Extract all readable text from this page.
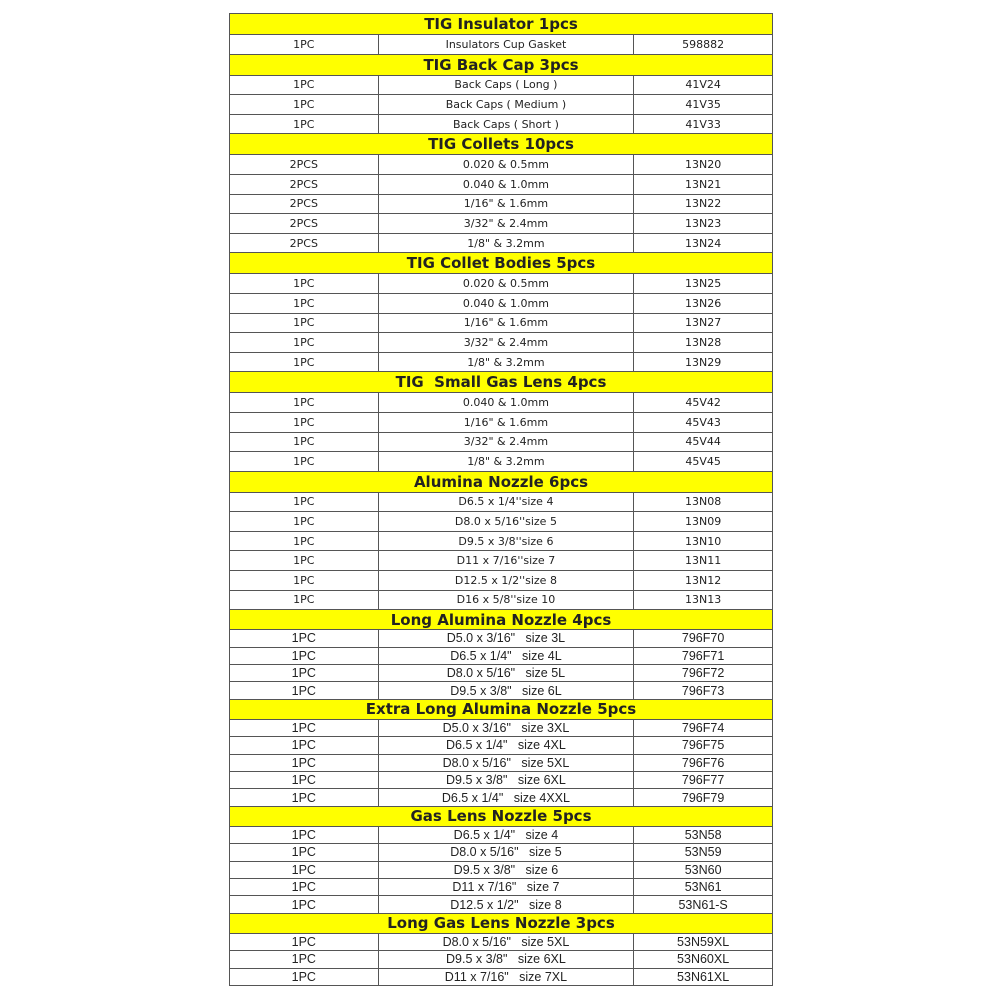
TIG Insulator 1pcs		
1PC	Insulators Cup Gasket	598882
TIG Back Cap 3pcs		
1PC	Back Caps ( Long )	41V24
1PC	Back Caps ( Medium )	41V35
1PC	Back Caps ( Short )	41V33
TIG Collets 10pcs		
2PCS	0.020 & 0.5mm	13N20
2PCS	0.040 & 1.0mm	13N21
2PCS	1/16" & 1.6mm	13N22
2PCS	3/32" & 2.4mm	13N23
2PCS	1/8" & 3.2mm	13N24
TIG Collet Bodies 5pcs		
1PC	0.020 & 0.5mm	13N25
1PC	0.040 & 1.0mm	13N26
1PC	1/16" & 1.6mm	13N27
1PC	3/32" & 2.4mm	13N28
1PC	1/8" & 3.2mm	13N29
TIG  Small Gas Lens 4pcs		
1PC	0.040 & 1.0mm	45V42
1PC	1/16" & 1.6mm	45V43
1PC	3/32" & 2.4mm	45V44
1PC	1/8" & 3.2mm	45V45
Alumina Nozzle 6pcs		
1PC	D6.5 x 1/4''size 4	13N08
1PC	D8.0 x 5/16''size 5	13N09
1PC	D9.5 x 3/8''size 6	13N10
1PC	D11 x 7/16''size 7	13N11
1PC	D12.5 x 1/2''size 8	13N12
1PC	D16 x 5/8''size 10	13N13
Long Alumina Nozzle 4pcs		
1PC	D5.0 x 3/16"   size 3L	796F70
1PC	D6.5 x 1/4"   size 4L	796F71
1PC	D8.0 x 5/16"   size 5L	796F72
1PC	D9.5 x 3/8"   size 6L	796F73
Extra Long Alumina Nozzle 5pcs		
1PC	D5.0 x 3/16"   size 3XL	796F74
1PC	D6.5 x 1/4"   size 4XL	796F75
1PC	D8.0 x 5/16"   size 5XL	796F76
1PC	D9.5 x 3/8"   size 6XL	796F77
1PC	D6.5 x 1/4"   size 4XXL	796F79
Gas Lens Nozzle 5pcs		
1PC	D6.5 x 1/4"   size 4	53N58
1PC	D8.0 x 5/16"   size 5	53N59
1PC	D9.5 x 3/8"   size 6	53N60
1PC	D11 x 7/16"   size 7	53N61
1PC	D12.5 x 1/2"   size 8	53N61-S
Long Gas Lens Nozzle 3pcs		
1PC	D8.0 x 5/16"   size 5XL	53N59XL
1PC	D9.5 x 3/8"   size 6XL	53N60XL
1PC	D11 x 7/16"   size 7XL	53N61XL
